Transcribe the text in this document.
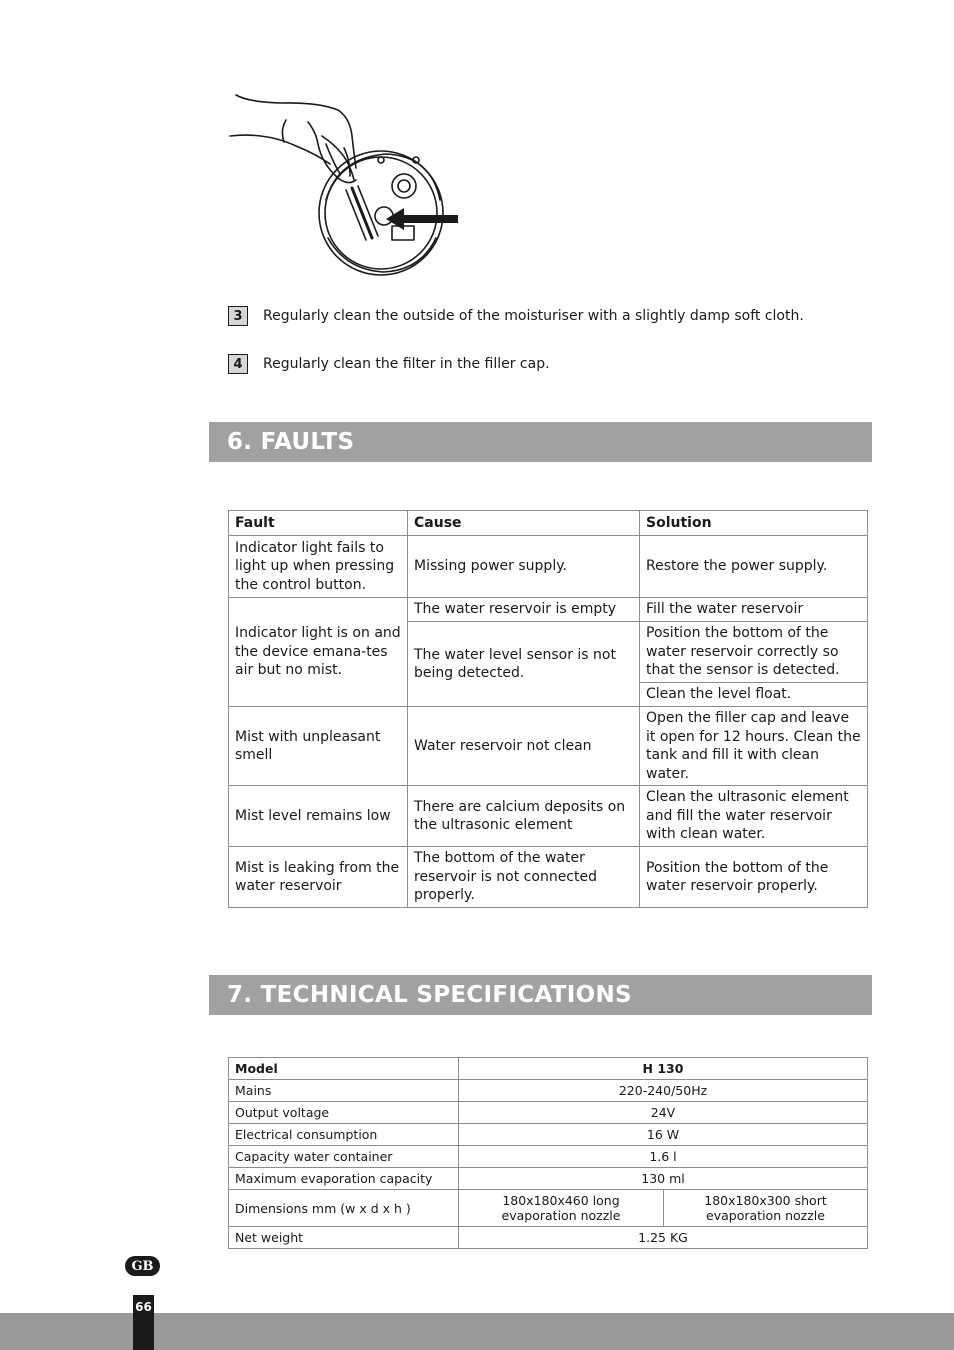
3	Regularly clean the outside of the moisturiser with a slightly damp soft cloth.
4	Regularly clean the filter in the filler cap.
6. FAULTS
Fault	Cause	Solution
Indicator light fails to light up when pressing the control button.	Missing power supply.	Restore the power supply.
Indicator light is on and the device emana-tes air but no mist.	The water reservoir is empty	Fill the water reservoir
	The water level sensor is not being detected.	Position the bottom of the water reservoir correctly so that the sensor is detected.
		Clean the level float.
Mist with unpleasant smell	Water reservoir not clean	Open the filler cap and leave it open for 12 hours. Clean the tank and fill it with clean water.
Mist level remains low	There are calcium deposits on the ultrasonic element	Clean the ultrasonic element and fill the water reservoir with clean water.
Mist is leaking from the water reservoir	The bottom of the water reservoir is not connected properly.	Position the bottom of the water reservoir properly.
7. TECHNICAL SPECIFICATIONS
Model	H 130	
Mains	220-240/50Hz	
Output voltage	24V	
Electrical consumption	16 W	
Capacity water container	1.6 l	
Maximum evaporation capacity	130 ml	
Dimensions mm (w x d x h )	180x180x460 long evaporation nozzle	180x180x300 short evaporation nozzle
Net weight	1.25 KG	
GB
66
